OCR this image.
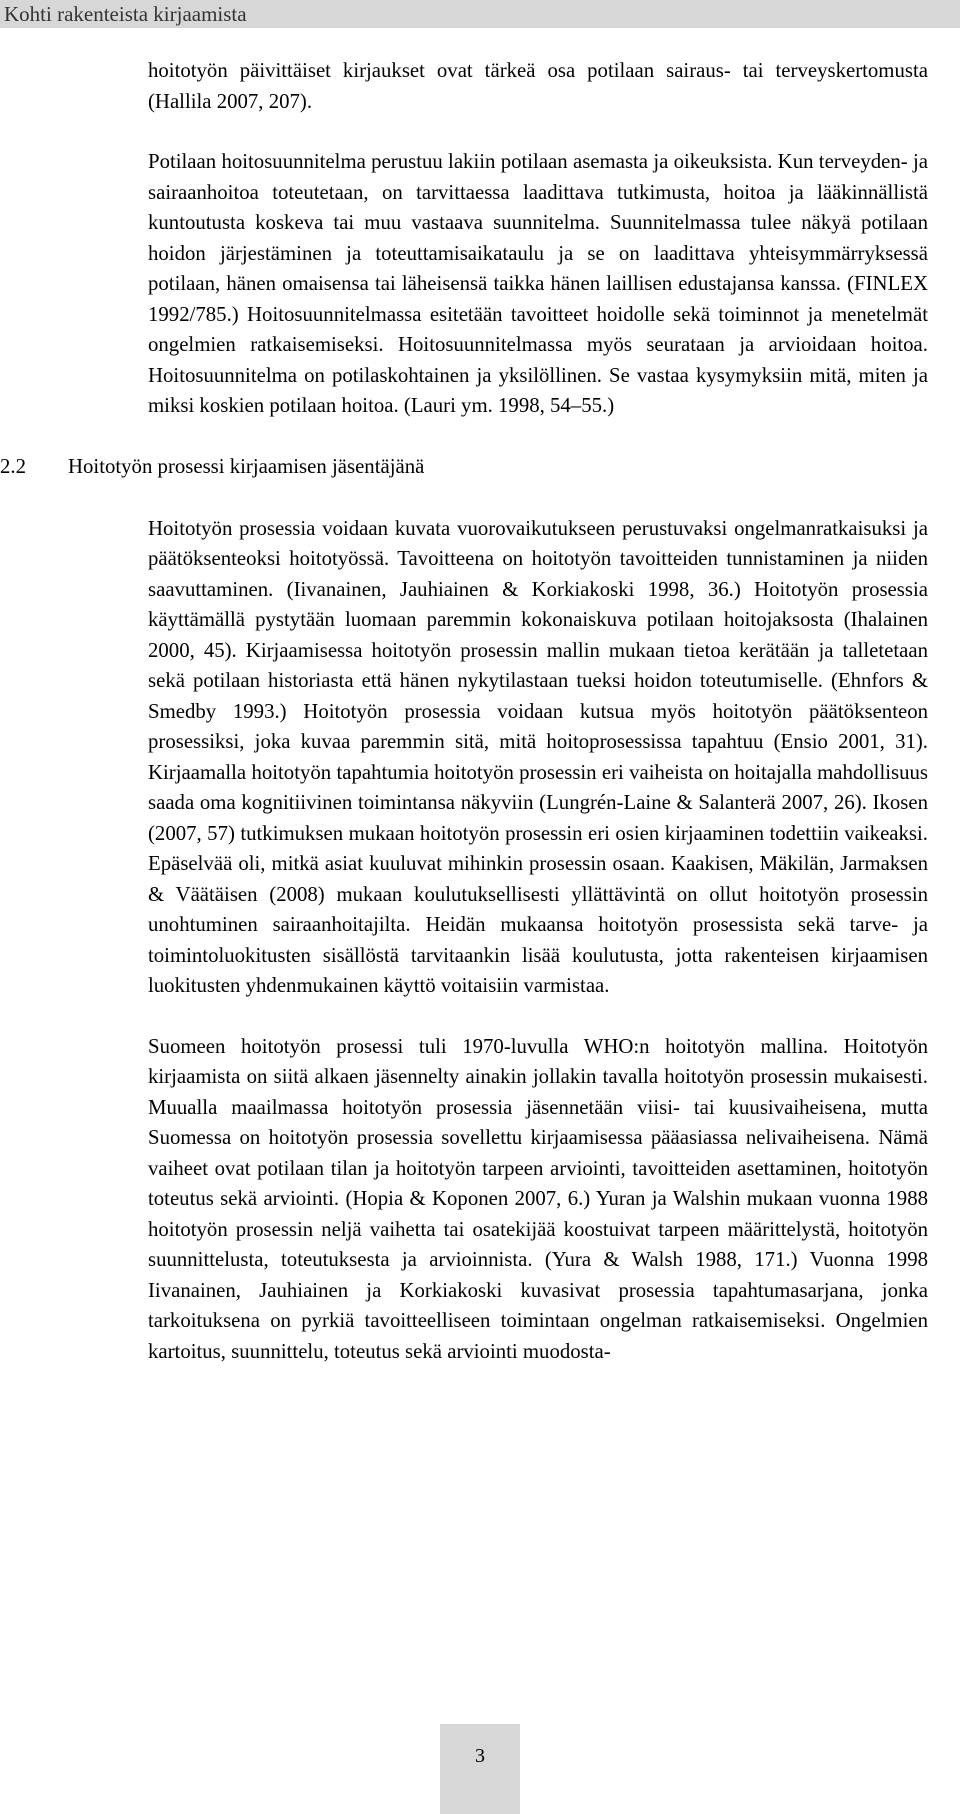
Kohti rakenteista kirjaamista

hoitotyön päivittäiset kirjaukset ovat tärkeä osa potilaan sairaus- tai terveyskertomusta (Hallila 2007, 207).

Potilaan hoitosuunnitelma perustuu lakiin potilaan asemasta ja oikeuksista. Kun terveyden- ja sairaanhoitoa toteutetaan, on tarvittaessa laadittava tutkimusta, hoitoa ja lääkinnällistä kuntoutusta koskeva tai muu vastaava suunnitelma. Suunnitelmassa tulee näkyä potilaan hoidon järjestäminen ja toteuttamisaikataulu ja se on laadittava yhteisymmärryksessä potilaan, hänen omaisensa tai läheisensä taikka hänen laillisen edustajansa kanssa. (FINLEX 1992/785.) Hoitosuunnitelmassa esitetään tavoitteet hoidolle sekä toiminnot ja menetelmät ongelmien ratkaisemiseksi. Hoitosuunnitelmassa myös seurataan ja arvioidaan hoitoa. Hoitosuunnitelma on potilaskohtainen ja yksilöllinen. Se vastaa kysymyksiin mitä, miten ja miksi koskien potilaan hoitoa. (Lauri ym. 1998, 54–55.)

2.2 Hoitotyön prosessi kirjaamisen jäsentäjänä

Hoitotyön prosessia voidaan kuvata vuorovaikutukseen perustuvaksi ongelmanratkaisuksi ja päätöksenteoksi hoitotyössä. Tavoitteena on hoitotyön tavoitteiden tunnistaminen ja niiden saavuttaminen. (Iivanainen, Jauhiainen & Korkiakoski 1998, 36.) Hoitotyön prosessia käyttämällä pystytään luomaan paremmin kokonaiskuva potilaan hoitojaksosta (Ihalainen 2000, 45). Kirjaamisessa hoitotyön prosessin mallin mukaan tietoa kerätään ja talletetaan sekä potilaan historiasta että hänen nykytilastaan tueksi hoidon toteutumiselle. (Ehnfors & Smedby 1993.) Hoitotyön prosessia voidaan kutsua myös hoitotyön päätöksenteon prosessiksi, joka kuvaa paremmin sitä, mitä hoitoprosessissa tapahtuu (Ensio 2001, 31). Kirjaamalla hoitotyön tapahtumia hoitotyön prosessin eri vaiheista on hoitajalla mahdollisuus saada oma kognitiivinen toimintansa näkyviin (Lungrén-Laine & Salanterä 2007, 26). Ikosen (2007, 57) tutkimuksen mukaan hoitotyön prosessin eri osien kirjaaminen todettiin vaikeaksi. Epäselvää oli, mitkä asiat kuuluvat mihinkin prosessin osaan. Kaakisen, Mäkilän, Jarmaksen & Väätäisen (2008) mukaan koulutuksellisesti yllättävintä on ollut hoitotyön prosessin unohtuminen sairaanhoitajilta. Heidän mukaansa hoitotyön prosessista sekä tarve- ja toimintoluokitusten sisällöstä tarvitaankin lisää koulutusta, jotta rakenteisen kirjaamisen luokitusten yhdenmukainen käyttö voitaisiin varmistaa.

Suomeen hoitotyön prosessi tuli 1970-luvulla WHO:n hoitotyön mallina. Hoitotyön kirjaamista on siitä alkaen jäsennelty ainakin jollakin tavalla hoitotyön prosessin mukaisesti. Muualla maailmassa hoitotyön prosessia jäsennetään viisi- tai kuusivaiheisena, mutta Suomessa on hoitotyön prosessia sovellettu kirjaamisessa pääasiassa nelivaiheisena. Nämä vaiheet ovat potilaan tilan ja hoitotyön tarpeen arviointi, tavoitteiden asettaminen, hoitotyön toteutus sekä arviointi. (Hopia & Koponen 2007, 6.) Yuran ja Walshin mukaan vuonna 1988 hoitotyön prosessin neljä vaihetta tai osatekijää koostuivat tarpeen määrittelystä, hoitotyön suunnittelusta, toteutuksesta ja arvioinnista. (Yura & Walsh 1988, 171.) Vuonna 1998 Iivanainen, Jauhiainen ja Korkiakoski kuvasivat prosessia tapahtumasarjana, jonka tarkoituksena on pyrkiä tavoitteelliseen toimintaan ongelman ratkaisemiseksi. Ongelmien kartoitus, suunnittelu, toteutus sekä arviointi muodosta-

3
